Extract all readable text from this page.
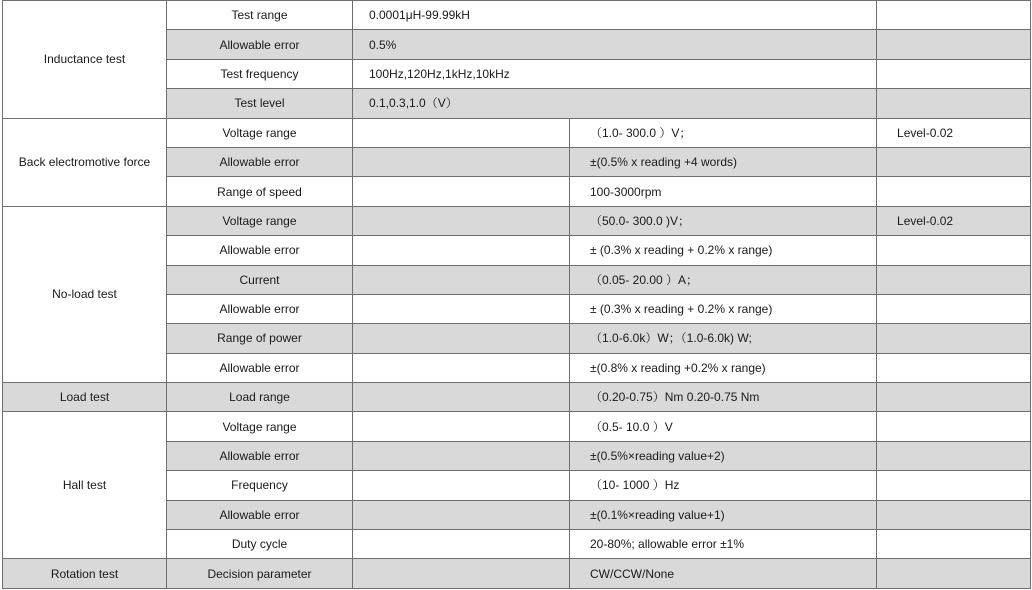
Inductance test	Test range	0.0001μH-99.99kH		
	Allowable error	0.5%		
	Test frequency	100Hz,120Hz,1kHz,10kHz		
	Test level	0.1,0.3,1.0（V）		
Back electromotive force	Voltage range		（1.0- 300.0 ）V；	Level-0.02
	Allowable error		±(0.5% x reading +4 words)	
	Range of speed		100-3000rpm	
No-load test	Voltage range		（50.0- 300.0 )V；	Level-0.02
	Allowable error		± (0.3% x reading + 0.2% x range)	
	Current		（0.05- 20.00 ）A；	
	Allowable error		± (0.3% x reading + 0.2% x range)	
	Range of power		（1.0-6.0k）W；（1.0-6.0k) W;	
	Allowable error		±(0.8% x reading +0.2% x range)	
Load test	Load range		（0.20-0.75）Nm 0.20-0.75 Nm	
Hall test	Voltage range		（0.5- 10.0 ）V	
	Allowable error		±(0.5%×reading value+2)	
	Frequency		（10- 1000 ）Hz	
	Allowable error		±(0.1%×reading value+1)	
	Duty cycle		20-80%; allowable error ±1%	
Rotation test	Decision parameter		CW/CCW/None	
